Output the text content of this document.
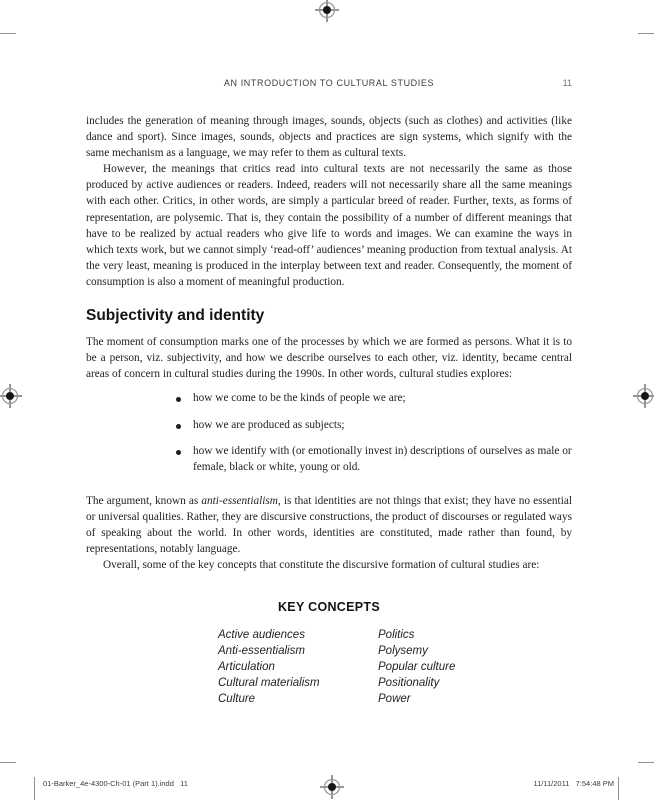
AN INTRODUCTION TO CULTURAL STUDIES	11

includes the generation of meaning through images, sounds, objects (such as clothes) and activities (like dance and sport). Since images, sounds, objects and practices are sign systems, which signify with the same mechanism as a language, we may refer to them as cultural texts.

However, the meanings that critics read into cultural texts are not necessarily the same as those produced by active audiences or readers. Indeed, readers will not necessarily share all the same meanings with each other. Critics, in other words, are simply a particular breed of reader. Further, texts, as forms of representation, are polysemic. That is, they contain the possibility of a number of different meanings that have to be realized by actual readers who give life to words and images. We can examine the ways in which texts work, but we cannot simply ‘read-off’ audiences’ meaning production from textual analysis. At the very least, meaning is produced in the interplay between text and reader. Consequently, the moment of consumption is also a moment of meaningful production.

Subjectivity and identity

The moment of consumption marks one of the processes by which we are formed as persons. What it is to be a person, viz. subjectivity, and how we describe ourselves to each other, viz. identity, became central areas of concern in cultural studies during the 1990s. In other words, cultural studies explores:

how we come to be the kinds of people we are;
how we are produced as subjects;
how we identify with (or emotionally invest in) descriptions of ourselves as male or female, black or white, young or old.

The argument, known as anti-essentialism, is that identities are not things that exist; they have no essential or universal qualities. Rather, they are discursive constructions, the product of discourses or regulated ways of speaking about the world. In other words, identities are constituted, made rather than found, by representations, notably language.

Overall, some of the key concepts that constitute the discursive formation of cultural studies are:

KEY CONCEPTS
Active audiences
Anti-essentialism
Articulation
Cultural materialism
Culture
Politics
Polysemy
Popular culture
Positionality
Power
01-Barker_4e-4300-Ch-01 (Part 1).indd   11	11/11/2011   7:54:48 PM
